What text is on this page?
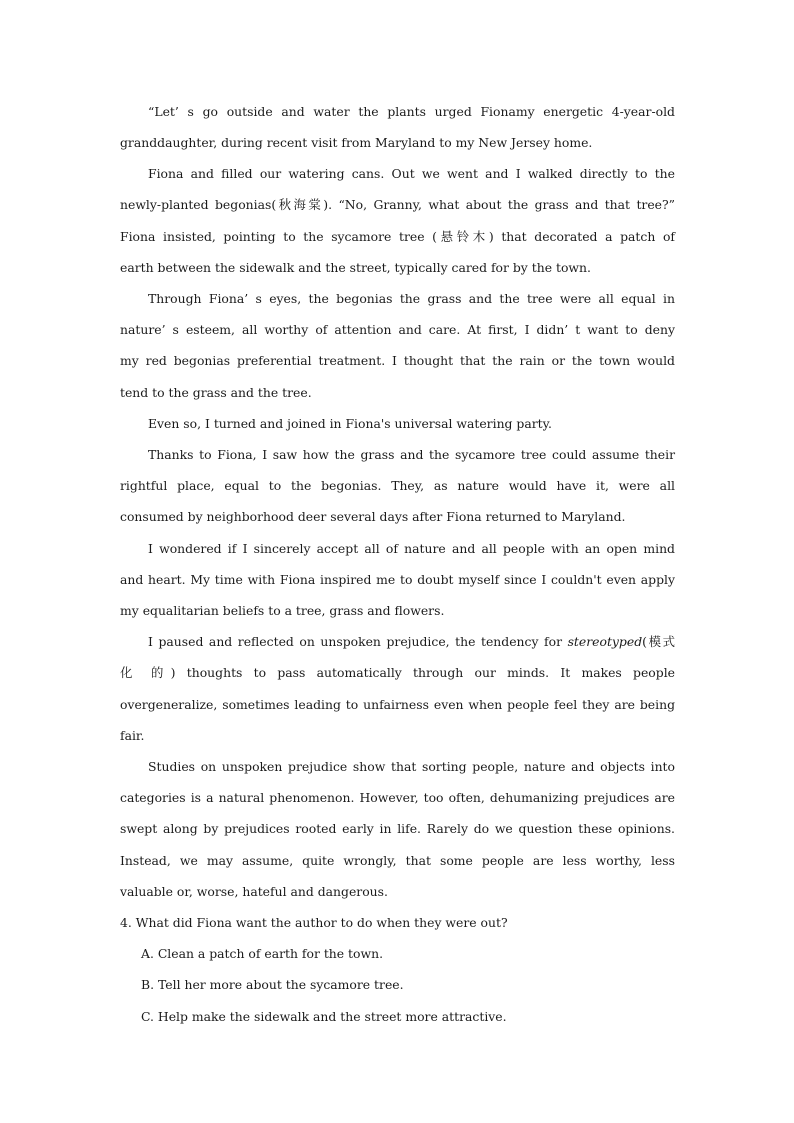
“Let’ s go outside and water the plants urged Fionamy energetic 4-year-old
granddaughter, during recent visit from Maryland to my New Jersey home.
Fiona and filled our watering cans. Out we went and I walked directly to the
newly-planted begonias(秋海棠). “No, Granny, what about the grass and that tree?”
Fiona insisted, pointing to the sycamore tree (悬铃木) that decorated a patch of
earth between the sidewalk and the street, typically cared for by the town.
Through Fiona’ s eyes, the begonias the grass and the tree were all equal in
nature’ s esteem, all worthy of attention and care. At first, I didn’ t want to deny
my red begonias preferential treatment. I thought that the rain or the town would
tend to the grass and the tree.
Even so, I turned and joined in Fiona's universal watering party.
Thanks to Fiona, I saw how the grass and the sycamore tree could assume their
rightful place, equal to the begonias. They, as nature would have it, were all
consumed by neighborhood deer several days after Fiona returned to Maryland.
I wondered if I sincerely accept all of nature and all people with an open mind
and heart. My time with Fiona inspired me to doubt myself since I couldn't even apply
my equalitarian beliefs to a tree, grass and flowers.
I paused and reflected on unspoken prejudice, the tendency for stereotyped(模式
化 的) thoughts to pass automatically through our minds. It makes people
overgeneralize, sometimes leading to unfairness even when people feel they are being
fair.
Studies on unspoken prejudice show that sorting people, nature and objects into
categories is a natural phenomenon. However, too often, dehumanizing prejudices are
swept along by prejudices rooted early in life. Rarely do we question these opinions.
Instead, we may assume, quite wrongly, that some people are less worthy, less
valuable or, worse, hateful and dangerous.
4. What did Fiona want the author to do when they were out?
A. Clean a patch of earth for the town.
B. Tell her more about the sycamore tree.
C. Help make the sidewalk and the street more attractive.
